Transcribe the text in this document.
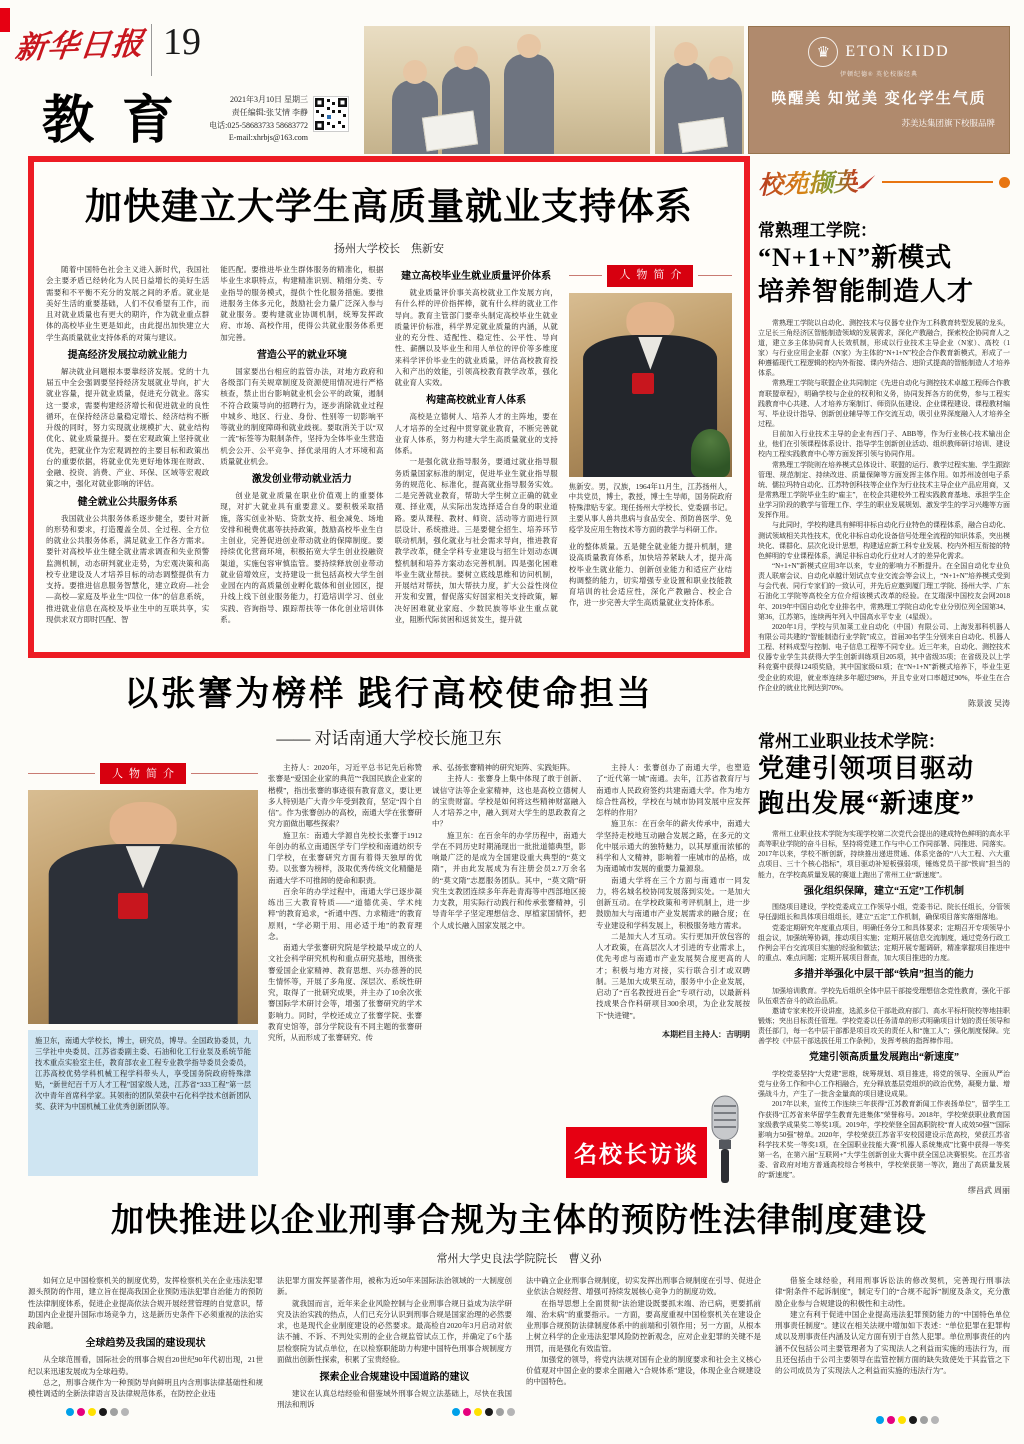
新华日报 19
教育	2021年3月10日 星期三
责任编辑:张艾情 李静
电话:025-58683733 58683772
E-mail:xhrbjs@163.com
♛ ETON KIDD
伊顿纪德® 英伦校服经典
唤醒美 知觉美 变化学生气质
苏美达集团旗下校服品牌
加快建立大学生高质量就业支持体系
扬州大学校长　焦新安

随着中国特色社会主义进入新时代，我国社会主要矛盾已经转化为人民日益增长的美好生活需要和不平衡不充分的发展之间的矛盾。就业是美好生活的重要基础，人们不仅希望有工作，而且对就业质量也有更大的期许，作为就业重点群体的高校毕业生更是如此，由此提出加快建立大学生高质量就业支持体系的对策与建议。

提高经济发展拉动就业能力

解决就业问题根本要靠经济发展。党的十九届五中全会强调要坚持经济发展就业导向，扩大就业容量，提升就业质量，促进充分就业。落实这一要求，需要构建经济增长和促进就业的良性循环，在保持经济总量稳定增长、经济结构不断升级的同时，努力实现就业规模扩大、就业结构优化、就业质量提升。要在宏观政策上坚持就业优先，把就业作为宏观调控的主要目标和政策出台的重要依据，将就业优先更好地体现在财政、金融、投资、消费、产业、环保、区域等宏观政策之中，强化对就业影响的评估。

健全就业公共服务体系

我国就业公共服务体系逐步健全，要针对新的形势和要求，打造覆盖全员、全过程、全方位的就业公共服务体系，满足就业工作各方需求。要针对高校毕业生健全就业需求调查和失业预警监测机制，动态研判就业走势，为宏观决策和高校专业建设及人才培养目标的动态调整提供有力支持。要推进信息服务智慧化，建立政府—社会—高校—家庭及毕业生“四位一体”的信息系统，推进就业信息在高校及毕业生中的互联共享，实现供求双方即时匹配、智

能匹配。要推进毕业生群体服务的精准化，根据毕业生求职特点，构建精准识别、精细分类、专业指导的服务模式，提供个性化服务措施。要推进服务主体多元化，鼓励社会力量广泛深入参与就业服务。要构建就业协调机制，统筹发挥政府、市场、高校作用，使得公共就业服务体系更加完善。

营造公平的就业环境

国家要出台相应的监管办法，对地方政府和各级部门有关规章制度及资源使用情况进行严格核查，禁止出台影响就业机会公平的政策，遏制不符合政策导向的招聘行为，逐步消除就业过程中城乡、地区、行业、身份、性别等一切影响平等就业的制度障碍和就业歧视。要取消关于以“双一流”标签等为限制条件，坚持为全体毕业生营造机会公开、公平竞争、择优录用的人才环境和高质量就业机会。

激发创业带动就业活力

创业是就业质量在职业价值观上的重要体现，对扩大就业具有重要意义。要积极采取措施，落实创业补贴、贷款支持、租金减免、场地安排和税费优惠等扶持政策，鼓励高校毕业生自主创业，完善促进创业带动就业的保障制度。要持续优化营商环境，积极拓宽大学生创业投融资渠道，实施包容审慎监管。要持续释放创业带动就业倍增效应，支持建设一批包括高校大学生创业园在内的高质量创业孵化载体和创业园区，提升线上线下创业服务能力，打造培训学习、创业实践、咨询指导、跟踪帮扶等一体化创业培训体系。

建立高校毕业生就业质量评价体系

就业质量评价事关高校就业工作发展方向，有什么样的评价指挥棒，就有什么样的就业工作导向。教育主管部门要牵头制定高校毕业生就业质量评价标准，科学界定就业质量的内涵，从就业的充分性、适配性、稳定性、公平性、导向性、薪酬以及毕业生和用人单位的评价等多维度来科学评价毕业生的就业质量，评估高校教育投入和产出的效能，引领高校教育教学改革，强化就业育人实效。

构建高校就业育人体系

高校是立德树人、培养人才的主阵地，要在人才培养的全过程中贯穿就业教育，不断完善就业育人体系，努力构建大学生高质量就业的支持体系。

一是强化就业指导服务，要通过就业指导服务质量国家标准的制定，促进毕业生就业指导服务的规范化、标准化，提高就业指导服务实效。二是完善就业教育，帮助大学生树立正确的就业观、择业观，从实际出发选择适合自身的职业道路。要从课程、教材、师资、活动等方面进行顶层设计、系统推进。三是要健全招生、培养环节联动机制，强化就业与社会需求导向，推进教育教学改革，健全学科专业建设与招生计划动态调整机制和培养方案动态完善机制。四是强化困难毕业生就业帮扶。要树立底线思维和访问机制，开展结对帮扶，加大帮扶力度，扩大公益性岗位开发和安置，督促落实好国家相关支持政策，解决好困难就业家庭、少数民族等毕业生重点就业，阻断代际贫困和返贫发生，提升就

人物简介
焦新安。男，汉族，1964年11月生，江苏扬州人，中共党员，博士，教授，博士生导师，国务院政府特殊津贴专家。现任扬州大学校长、党委副书记。主要从事人兽共患病与食品安全、预防兽医学、免疫学及应用生物技术等方面的教学与科研工作。

业的整体质量。五是健全就业能力提升机制，建设高质量教育体系，加快培养紧缺人才，提升高校毕业生就业能力、创新创业能力和适应产业结构调整的能力，切实增强专业设置和职业技能教育培训的社会适应性，深化产教融合、校企合作，进一步完善大学生高质量就业支持体系。

校苑撷英
常熟理工学院：
“N+1+N”新模式
培养智能制造人才

常熟理工学院以自动化、测控技术与仪器专业作为工科教育转型发展的龙头，立足长三角经济区智能制造领域的发展需求，深化产教融合，探索校企协同育人之道，建立多主体协同育人长效机制，形成以行业技术主导企业（N家）、高校（1家）与行业应用企业群（N家）为主体的“N+1+N”校企合作教育新模式，形成了一种遵循现代工程逻辑的校内外衔接、课内外结合、进阶式提高的智能制造人才培养体系。

常熟理工学院与联盟企业共同制定《先进自动化与测控技术卓越工程师合作教育联盟章程》，明确学校与企业的权利和义务，协同发挥各方的优势，参与工程实践教育中心共建、人才培养方案制订、师资队伍建设、企业课程建设、课程教材编写、毕业设计指导、创新创业辅导等工作交流互动，吸引业界深度融入人才培养全过程。

目前加入行业技术主导的企业有西门子、ABB等，作为行业核心技术输出企业，他们在引领课程体系设计、指导学生创新创业活动、组织教师研讨培训、建设校内工程实践教育中心等方面发挥引领与协同作用。

常熟理工学院则在培养模式总体设计、联盟的运行、教学过程实施、学生跟踪管理、规范制定、持续改进、质量保障等方面发挥主体作用。如苏州凌创电子系统、儒拉玛特自动化、江苏特创科技等企业作为行业技术主导企业产品应用商，又是常熟理工学院毕业生的“雇主”，在校企共建校外工程实践教育基地、承担学生企业学习阶段的教学与管理工作、学生的职业发展规划、激发学生的学习兴趣等方面发挥作用。

与此同时，学校构建具有鲜明非标自动化行业特色的课程体系，融合自动化、测试领域相关共性技术，优化非标自动化设备信号处理全流程的知识体系，突出模块化、课群化、层次化设计思想，构建适应新工科专业发展、校内外相互衔接的特色鲜明的专业课程体系，满足非标自动化行业对人才的差异化需求。

“N+1+N”新模式应用3年以来，专业的影响力不断提升。在全国自动化专业负责人联席会议、自动化卓越计划试点专业交流会等会议上，“N+1+N”培养模式受到与会代表、同行专家们的一致认可，并先后应邀到厦门理工学院、扬州大学、广东石油化工学院等高校全方位介绍该模式改革的经验。在艾瑞深中国校友会网2018年、2019年中国自动化专业排名中，常熟理工学院自动化专业分别位列全国第34、第36，江苏第5，连续两年列入中国高水平专业（4星级）。

2020年1月，学校与贝加莱工业自动化（中国）有限公司、上海发那科机器人有限公司共建的“智能制造行业学院”成立，首届30名学生分别来自自动化、机器人工程、材料成型与控制、电子信息工程等不同专业。近三年来，自动化、测控技术仪器专业学生共获得大学生创新训练项目205项，其中省级35项；在省级及以上学科竞赛中获得124项奖励，其中国家级61项；在“N+1+N”新模式培养下，毕业生更受企业的欢迎，就业率连续多年超过98%，并且专业对口率超过90%，毕业生在合作企业的就业比例达到70%。

陈景波 吴涛

常州工业职业技术学院：
党建引领项目驱动
跑出发展“新速度”

常州工业职业技术学院为实现学校第二次党代会提出的建成特色鲜明的高水平高等职业学院的奋斗目标，坚持将党建工作与中心工作同部署、同推进、同落实。2017年以来，学校不断创新，持续推出递进贯通、体系完备的“八大工程、六大重点项目、三十个核心指标”，项目驱动补短板强弱项，锤炼党员干部“铁肩”担当的能力，在学校高质量发展的赛道上跑出了常州工业“新速度”。

强化组织保障，建立“五定”工作机制

围绕项目建设，学校党委成立工作领导小组，党委书记、院长任组长，分管领导任副组长和具体项目组组长，建立“五定”工作机制，确保项目落实落细落地。

党委定期研究年度重点项目，明确任务分工和具体要求；定期召开专项领导小组会议，加强统筹协调，推动项目实施；定期开展信息交流制度，通过党务行政工作例会平台交流项目实施的经验和做法；定期开展专题调研，精准掌握项目推进中的重点、难点问题；定期开展项目督查，加大项目推进的力度。

多措并举强化中层干部“铁肩”担当的能力

加强培训教育。学校先后组织全体中层干部接受理想信念党性教育，强化干部队伍艰苦奋斗的政治品质。

邀请专家来校开设讲座，选派多位干部赴政府部门、高水平标杆院校等地挂职锻炼；突出目标责任管理。学校党委以任务清单的形式明确项目计划的责任领导和责任部门，每一名中层干部都是项目攻关的责任人和“施工人”；强化制度保障。完善学校《中层干部选拔任用工作条例》，发挥考核的指挥棒作用。

党建引领高质量发展跑出“新速度”

学校党委坚持“大党建”思维，统筹规划、项目推进，将党的领导、全面从严治党与业务工作和中心工作相融合，充分释放基层党组织的政治优势，凝聚力量、增强战斗力，产生了一批含金量高的项目建设成果。

2017年以来，宣传工作连续三年获得“江苏教育新闻工作表扬单位”，留学生工作获得“江苏省来华留学生教育先进集体”荣誉称号。2018年，学校荣获职业教育国家级教学成果奖二等奖1项。2019年，学校荣登全国高职院校“育人成效50强”“国际影响力50强”榜单。2020年，学校荣获江苏省平安校园建设示范高校，荣获江苏省科学技术奖一等奖1项，在全国职业技能大赛“机器人系统集成”比赛中获得一等奖第一名，在第六届“互联网+”大学生创新创业大赛中获全国总决赛银奖。在江苏省委、省政府对地方普通高校综合考核中，学校荣获第一等次，跑出了高质量发展的“新速度”。

缪昌武 周丽

以张謇为榜样 践行高校使命担当
—— 对话南通大学校长施卫东
人物简介
施卫东，南通大学校长，博士，研究员，博导。全国政协委员，九三学社中央委员、江苏省委副主委、石油和化工行业泵及系统节能技术重点实验室主任，教育部农业工程专业教学指导委员会委员，江苏高校优势学科机械工程学科带头人，享受国务院政府特殊津贴，“新世纪百千万人才工程”国家级人选，江苏省“333工程”第一层次中青年首席科学家。其领衔的团队荣获中石化科学技术创新团队奖、获评为中国机械工业优秀创新团队等。

主持人：2020年，习近平总书记先后称赞张謇是“爱国企业家的典范”“我国民族企业家的楷模”，指出张謇的事迹很有教育意义，要让更多人特别是广大青少年受到教育，坚定“四个自信”。作为张謇创办的高校，南通大学在张謇研究方面做出哪些探索？

施卫东：南通大学源自先校长张謇于1912年创办的私立南通医学专门学校和南通纺织专门学校，在张謇研究方面有着得天独厚的优势。以张謇为榜样，汲取优秀传统文化精髓是南通大学不可推卸的使命和职责。

百余年的办学过程中，南通大学已逐步凝练出三大教育特质——“道德优美、学术纯粹”的教育追求，“祈通中西、力求精进”的教育原则，“学必期于用、用必适于地”的教育理念。

南通大学张謇研究院是学校最早成立的人文社会科学研究机构和重点研究基地，围绕张謇爱国企业家精神、教育思想、兴办慈善的民生情怀等，开展了多角度、深层次、系统性研究，取得了一批研究成果，并主办了10余次张謇国际学术研讨会等，增强了张謇研究的学术影响力。同时，学校还成立了张謇学院、张謇教育史馆等，部分学院设有不同主题的张謇研究所，从而形成了张謇研究、传

承、弘扬张謇精神的研究矩阵、实践矩阵。

主持人：张謇身上集中体现了敢于创新、诚信守法等企业家精神，这也是高校立德树人的宝贵财富。学校是如何将这些精神财富融入人才培养之中，融入到对大学生的思政教育之中？

施卫东：在百余年的办学历程中，南通大学在不同历史时期涌现出一批批道德典型，影响最广泛的是成为全国建设重大典型的“莫文隋”，并由此发展成为有注册会员2.7万余名的“莫文隋”志愿服务团队。其中，“莫文隋”研究生支教团连续多年奔赴青海等中西部地区接力支教，用实际行动践行和传承张謇精神，引导青年学子坚定理想信念、厚植家国情怀，把个人成长融入国家发展之中。

主持人：张謇创办了南通大学，也塑造了“近代第一城”南通。去年，江苏省教育厅与南通市人民政府签约共建南通大学。作为地方综合性高校，学校在与城市协同发展中应发挥怎样的作用？

施卫东：在百余年的薪火传承中，南通大学坚持走校地互动融合发展之路，在多元的文化中展示通大的独特魅力，以其厚重而浓郁的科学和人文精神，影响着一座城市的品格，成为南通城市发展的重要力量源泉。

南通大学将在三个方面与南通市一同发力，将名城名校协同发展落到实处。一是加大创新互动。在学校政策和考评机制上，进一步鼓励加大与南通市产业发展需求的融合度；在专业建设和学科发展上，积极服务地方需求。

二是加大人才互动。实行更加开放包容的人才政策，在高层次人才引进的专业需求上，优先考虑与南通市产业发展契合度更高的人才；积极与地方对接，实行联合引才或双聘制。三是加大成果互动，服务中小企业发展，启动了“百名教授进百企”专项行动，以最新科技成果合作科研项目300余项，为企业发展按下“快进键”。

本期栏目主持人：吉明明
名校长访谈
加快推进以企业刑事合规为主体的预防性法律制度建设
常州大学史良法学院院长　曹义孙

如何立足中国检察机关的制度优势，发挥检察机关在企业违法犯罪源头预防的作用，建立旨在提高我国企业预防违法犯罪自治能力的预防性法律制度体系，促进企业提高依法合规开展经营管理的自觉意识，帮助国内企业提升国际市场竞争力，这是新历史条件下必须重视的法治实践命题。

全球趋势及我国的建设现状

从全球范围看，国际社会的刑事合规自20世纪90年代初出现，21世纪以来迅速发展成为全球趋势。

总之，刑事合规作为一种预防导向鲜明且内含刑事法律基础性和规模性调适的全新法律语言及法律规范体系，在防控企业违

法犯罪方面发挥显著作用，被称为近50年来国际法治领域的一大制度创新。

就我国而言，近年来企业风险控制与企业刑事合规日益成为法学研究及法治实践的热点，人们已充分认识到刑事合规是国家治理的必然要求，也是现代企业制度建设的必然要求。最高检自2020年3月启动对依法不捕、不诉、不判处实刑的企业合规监管试点工作，并确定了6个基层检察院为试点单位，在以检察职能助力构建中国特色刑事合规制度方面做出创新性探索，积累了宝贵经验。

探索企业合规建设中国道路的建议

建议在认真总结经验和借鉴域外刑事合规立法基础上，尽快在我国刑法和刑诉

法中确立企业刑事合规制度，切实发挥出刑事合规制度在引导、促进企业依法合规经营、增强可持续发展核心竞争力的制度功效。

在指导思想上全面贯彻“法治建设既要抓末端、治已病，更要抓前端、治未病”的重要指示。一方面，要高度重视中国检察机关在建设企业刑事合规预防法律制度体系中的前端和引领作用；另一方面，从根本上树立科学的企业违法犯罪风险防控新观念，应对企业犯罪的关键不是刑罚，而是强化有效监管。

加强党的领导，将党内法规对国有企业的制度要求和社会主义核心价值观对中国企业的要求全面融入“合规体系”建设，体现企业合规建设的中国特色。

借鉴全球经验，利用刑事诉讼法的修改契机，完善现行刑事法律“附条件不起诉制度”，制定专门的“合规不起诉”制度及条文，充分激励企业参与合规建设的积极性和主动性。

建立有利于促进中国企业提高违法犯罪预防能力的“中国特色单位刑事责任制度”。建议在相关法规中增加如下表述：“单位犯罪在犯罪构成以及刑事责任内涵及认定方面有别于自然人犯罪。单位刑事责任的内涵不仅包括公司主要管理者为了实现法人之利益而实施的违法行为，而且还包括由于公司主要领导在监管控制方面的缺失致使处于其监管之下的公司成员为了实现法人之利益而实施的违法行为”。
